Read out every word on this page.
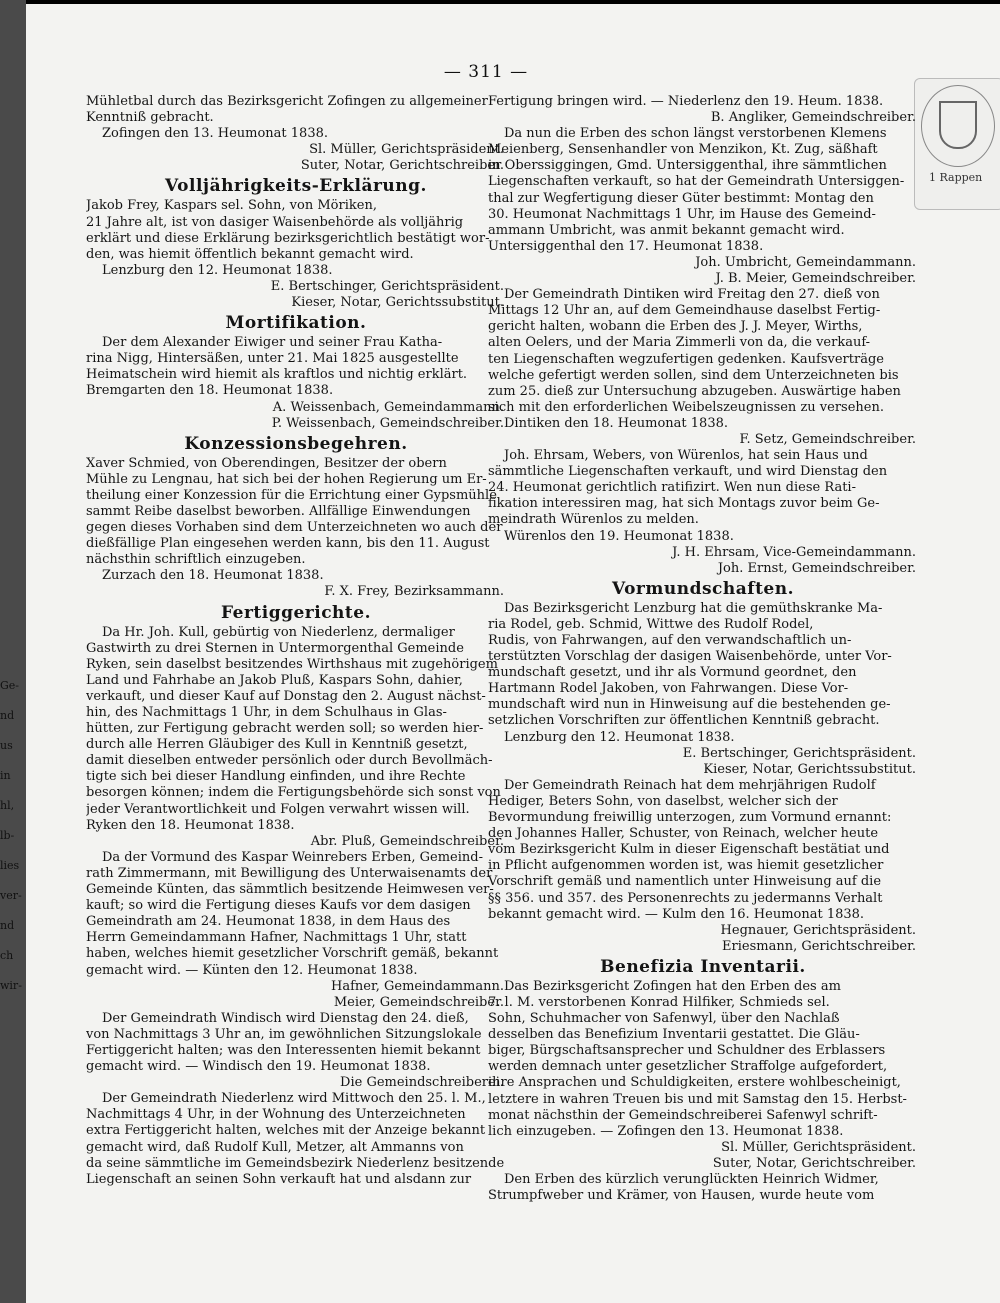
Ge-
nd
us
in
hl,
lb-
lies
ver-
nd
ch
wir-
— 311 —
1 Rappen
Mühletbal durch das Bezirksgericht Zofingen zu allgemeiner
Kenntniß gebracht.
Zofingen den 13. Heumonat 1838.
Sl. Müller, Gerichtspräsident.
Suter, Notar, Gerichtschreiber.
Volljährigkeits-Erklärung.
Jakob Frey, Kaspars sel. Sohn, von Möriken,
21 Jahre alt, ist von dasiger Waisenbehörde als volljährig
erklärt und diese Erklärung bezirksgerichtlich bestätigt wor-
den, was hiemit öffentlich bekannt gemacht wird.
Lenzburg den 12. Heumonat 1838.
E. Bertschinger, Gerichtspräsident.
Kieser, Notar, Gerichtssubstitut.
Mortifikation.
Der dem Alexander Eiwiger und seiner Frau Katha-
rina Nigg, Hintersäßen, unter 21. Mai 1825 ausgestellte
Heimatschein wird hiemit als kraftlos und nichtig erklärt.
Bremgarten den 18. Heumonat 1838.
A. Weissenbach, Gemeindammann.
P. Weissenbach, Gemeindschreiber.
Konzessionsbegehren.
Xaver Schmied, von Oberendingen, Besitzer der obern
Mühle zu Lengnau, hat sich bei der hohen Regierung um Er-
theilung einer Konzession für die Errichtung einer Gypsmühle
sammt Reibe daselbst beworben. Allfällige Einwendungen
gegen dieses Vorhaben sind dem Unterzeichneten wo auch der
dießfällige Plan eingesehen werden kann, bis den 11. August
nächsthin schriftlich einzugeben.
Zurzach den 18. Heumonat 1838.
F. X. Frey, Bezirksammann.
Fertiggerichte.
Da Hr. Joh. Kull, gebürtig von Niederlenz, dermaliger
Gastwirth zu drei Sternen in Untermorgenthal Gemeinde
Ryken, sein daselbst besitzendes Wirthshaus mit zugehörigem
Land und Fahrhabe an Jakob Pluß, Kaspars Sohn, dahier,
verkauft, und dieser Kauf auf Donstag den 2. August nächst-
hin, des Nachmittags 1 Uhr, in dem Schulhaus in Glas-
hütten, zur Fertigung gebracht werden soll; so werden hier-
durch alle Herren Gläubiger des Kull in Kenntniß gesetzt,
damit dieselben entweder persönlich oder durch Bevollmäch-
tigte sich bei dieser Handlung einfinden, und ihre Rechte
besorgen können; indem die Fertigungsbehörde sich sonst von
jeder Verantwortlichkeit und Folgen verwahrt wissen will.
Ryken den 18. Heumonat 1838.
Abr. Pluß, Gemeindschreiber.
Da der Vormund des Kaspar Weinrebers Erben, Gemeind-
rath Zimmermann, mit Bewilligung des Unterwaisenamts der
Gemeinde Künten, das sämmtlich besitzende Heimwesen ver-
kauft; so wird die Fertigung dieses Kaufs vor dem dasigen
Gemeindrath am 24. Heumonat 1838, in dem Haus des
Herrn Gemeindammann Hafner, Nachmittags 1 Uhr, statt
haben, welches hiemit gesetzlicher Vorschrift gemäß, bekannt
gemacht wird. — Künten den 12. Heumonat 1838.
Hafner, Gemeindammann.
Meier, Gemeindschreiber.
Der Gemeindrath Windisch wird Dienstag den 24. dieß,
von Nachmittags 3 Uhr an, im gewöhnlichen Sitzungslokale
Fertiggericht halten; was den Interessenten hiemit bekannt
gemacht wird. — Windisch den 19. Heumonat 1838.
Die Gemeindschreiberei.
Der Gemeindrath Niederlenz wird Mittwoch den 25. l. M.,
Nachmittags 4 Uhr, in der Wohnung des Unterzeichneten
extra Fertiggericht halten, welches mit der Anzeige bekannt
gemacht wird, daß Rudolf Kull, Metzer, alt Ammanns von
da seine sämmtliche im Gemeindsbezirk Niederlenz besitzende
Liegenschaft an seinen Sohn verkauft hat und alsdann zur
Fertigung bringen wird. — Niederlenz den 19. Heum. 1838.
B. Angliker, Gemeindschreiber.
Da nun die Erben des schon längst verstorbenen Klemens
Meienberg, Sensenhandler von Menzikon, Kt. Zug, säßhaft
in Oberssiggingen, Gmd. Untersiggenthal, ihre sämmtlichen
Liegenschaften verkauft, so hat der Gemeindrath Untersiggen-
thal zur Wegfertigung dieser Güter bestimmt: Montag den
30. Heumonat Nachmittags 1 Uhr, im Hause des Gemeind-
ammann Umbricht, was anmit bekannt gemacht wird.
Untersiggenthal den 17. Heumonat 1838.
Joh. Umbricht, Gemeindammann.
J. B. Meier, Gemeindschreiber.
Der Gemeindrath Dintiken wird Freitag den 27. dieß von
Mittags 12 Uhr an, auf dem Gemeindhause daselbst Fertig-
gericht halten, wobann die Erben des J. J. Meyer, Wirths,
alten Oelers, und der Maria Zimmerli von da, die verkauf-
ten Liegenschaften wegzufertigen gedenken. Kaufsverträge
welche gefertigt werden sollen, sind dem Unterzeichneten bis
zum 25. dieß zur Untersuchung abzugeben. Auswärtige haben
sich mit den erforderlichen Weibelszeugnissen zu versehen.
Dintiken den 18. Heumonat 1838.
F. Setz, Gemeindschreiber.
Joh. Ehrsam, Webers, von Würenlos, hat sein Haus und
sämmtliche Liegenschaften verkauft, und wird Dienstag den
24. Heumonat gerichtlich ratifizirt. Wen nun diese Rati-
fikation interessiren mag, hat sich Montags zuvor beim Ge-
meindrath Würenlos zu melden.
Würenlos den 19. Heumonat 1838.
J. H. Ehrsam, Vice-Gemeindammann.
Joh. Ernst, Gemeindschreiber.
Vormundschaften.
Das Bezirksgericht Lenzburg hat die gemüthskranke Ma-
ria Rodel, geb. Schmid, Wittwe des Rudolf Rodel,
Rudis, von Fahrwangen, auf den verwandschaftlich un-
terstützten Vorschlag der dasigen Waisenbehörde, unter Vor-
mundschaft gesetzt, und ihr als Vormund geordnet, den
Hartmann Rodel Jakoben, von Fahrwangen. Diese Vor-
mundschaft wird nun in Hinweisung auf die bestehenden ge-
setzlichen Vorschriften zur öffentlichen Kenntniß gebracht.
Lenzburg den 12. Heumonat 1838.
E. Bertschinger, Gerichtspräsident.
Kieser, Notar, Gerichtssubstitut.
Der Gemeindrath Reinach hat dem mehrjährigen Rudolf
Hediger, Beters Sohn, von daselbst, welcher sich der
Bevormundung freiwillig unterzogen, zum Vormund ernannt:
den Johannes Haller, Schuster, von Reinach, welcher heute
vom Bezirksgericht Kulm in dieser Eigenschaft bestätiat und
in Pflicht aufgenommen worden ist, was hiemit gesetzlicher
Vorschrift gemäß und namentlich unter Hinweisung auf die
§§ 356. und 357. des Personenrechts zu jedermanns Verhalt
bekannt gemacht wird. — Kulm den 16. Heumonat 1838.
Hegnauer, Gerichtspräsident.
Eriesmann, Gerichtschreiber.
Benefizia Inventarii.
Das Bezirksgericht Zofingen hat den Erben des am
7. l. M. verstorbenen Konrad Hilfiker, Schmieds sel.
Sohn, Schuhmacher von Safenwyl, über den Nachlaß
desselben das Benefizium Inventarii gestattet. Die Gläu-
biger, Bürgschaftsansprecher und Schuldner des Erblassers
werden demnach unter gesetzlicher Straffolge aufgefordert,
ihre Ansprachen und Schuldigkeiten, erstere wohlbescheinigt,
letztere in wahren Treuen bis und mit Samstag den 15. Herbst-
monat nächsthin der Gemeindschreiberei Safenwyl schrift-
lich einzugeben. — Zofingen den 13. Heumonat 1838.
Sl. Müller, Gerichtspräsident.
Suter, Notar, Gerichtschreiber.
Den Erben des kürzlich verunglückten Heinrich Widmer,
Strumpfweber und Krämer, von Hausen, wurde heute vom
